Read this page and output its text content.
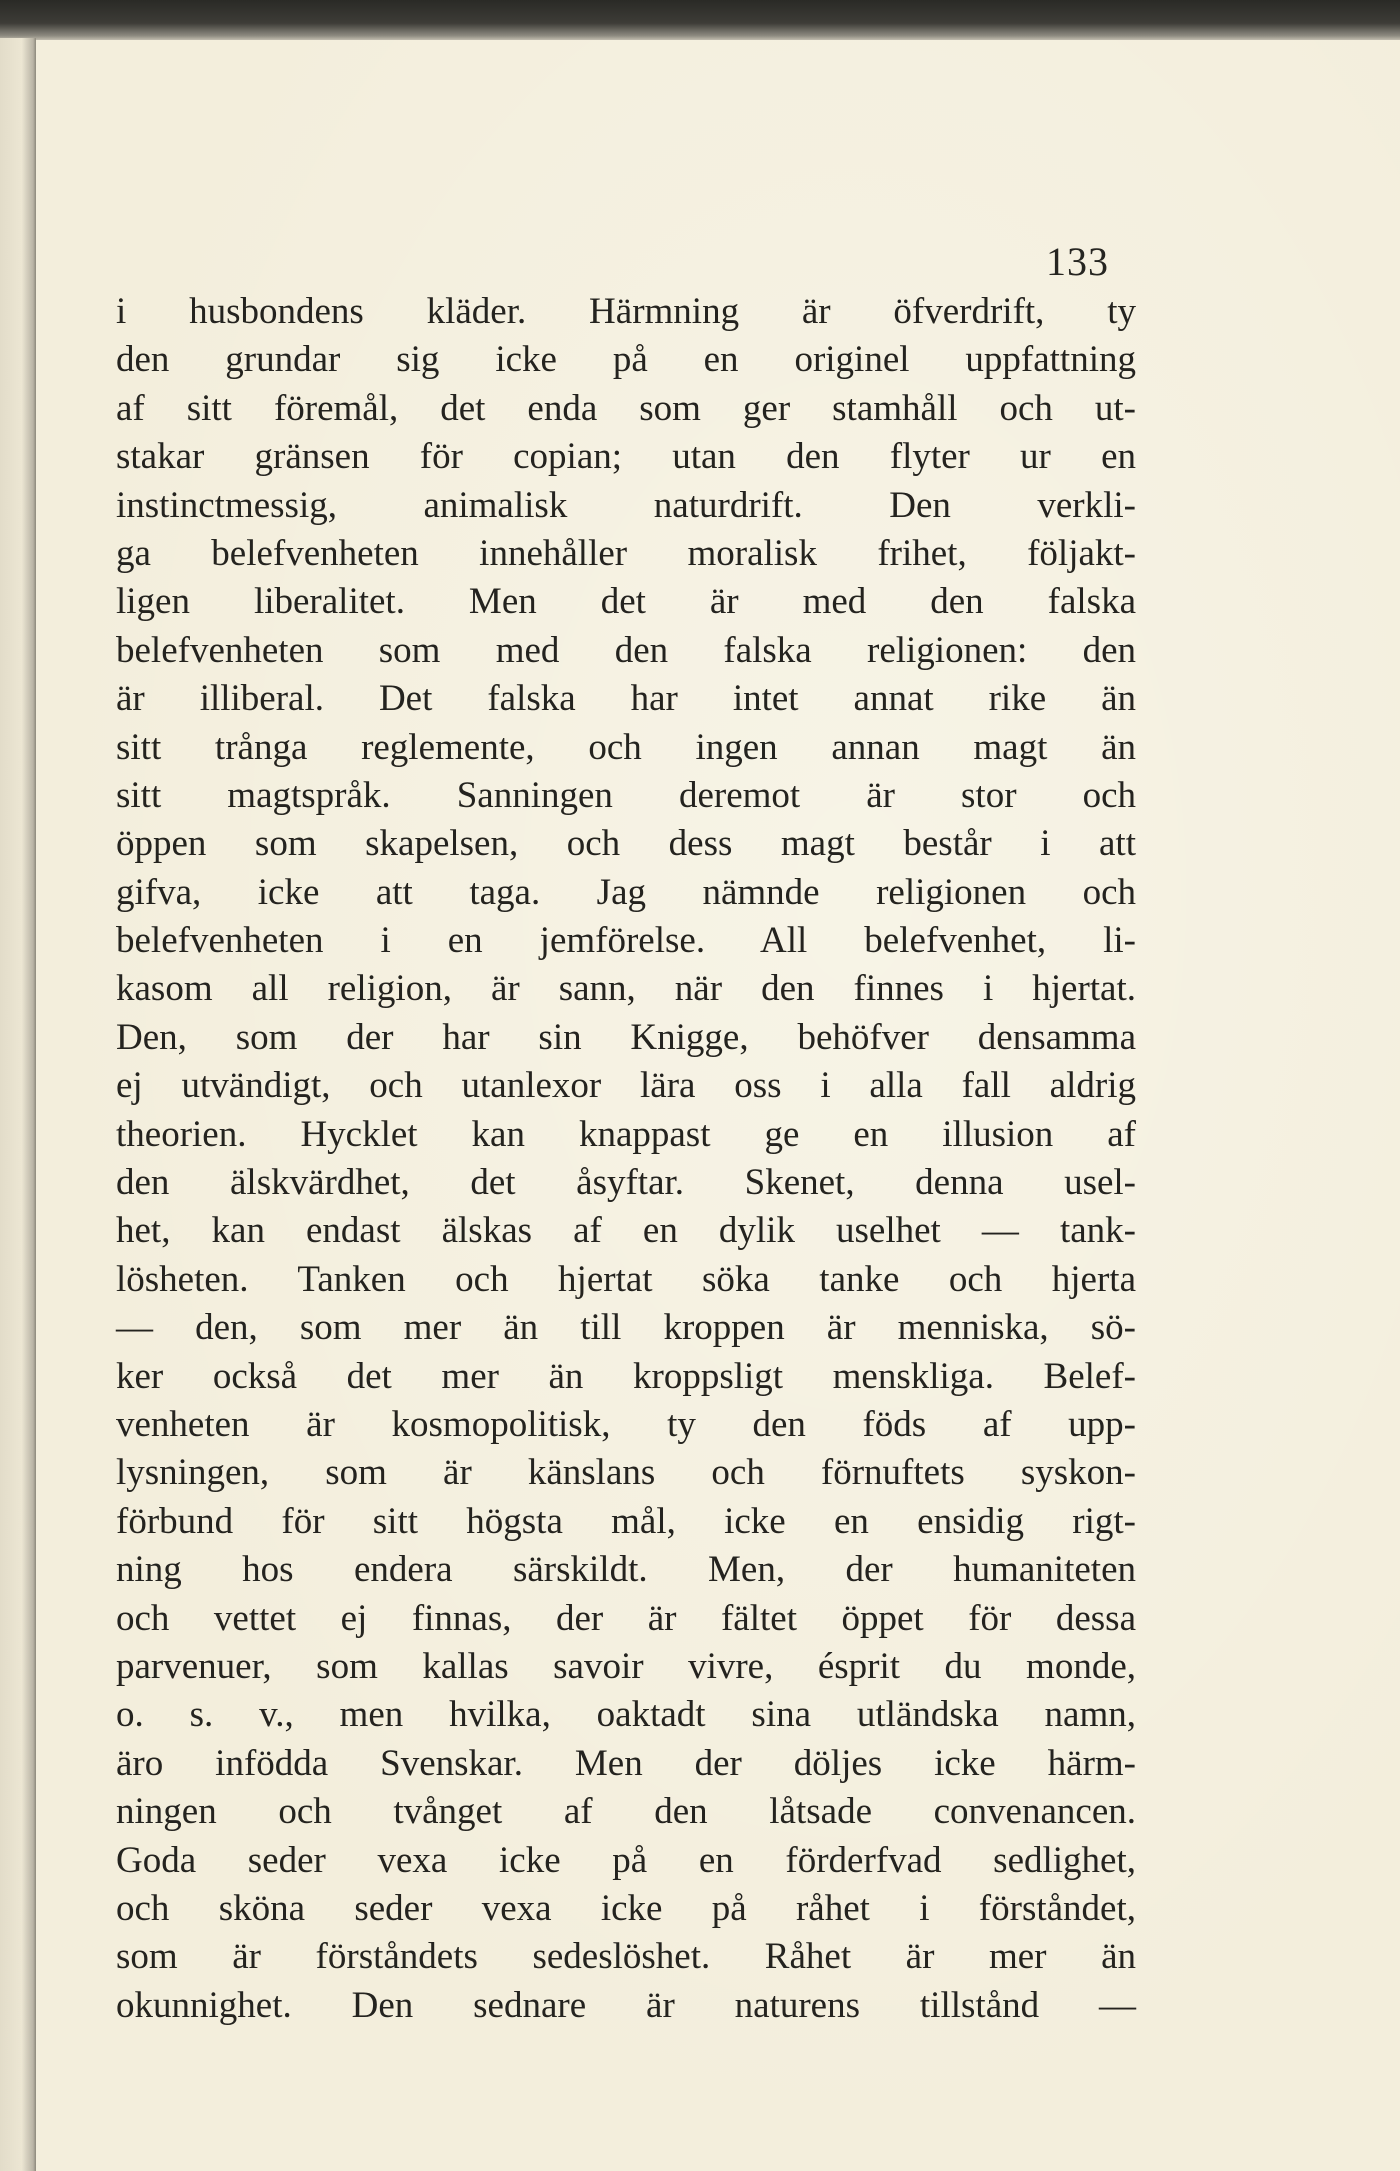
133
i husbondens kläder. Härmning är öfverdrift, ty
den grundar sig icke på en originel uppfattning
af sitt föremål, det enda som ger stamhåll och ut-
stakar gränsen för copian; utan den flyter ur en
instinctmessig, animalisk naturdrift. Den verkli-
ga belefvenheten innehåller moralisk frihet, följakt-
ligen liberalitet. Men det är med den falska
belefvenheten som med den falska religionen: den
är illiberal. Det falska har intet annat rike än
sitt trånga reglemente, och ingen annan magt än
sitt magtspråk. Sanningen deremot är stor och
öppen som skapelsen, och dess magt består i att
gifva, icke att taga. Jag nämnde religionen och
belefvenheten i en jemförelse. All belefvenhet, li-
kasom all religion, är sann, när den finnes i hjertat.
Den, som der har sin Knigge, behöfver densamma
ej utvändigt, och utanlexor lära oss i alla fall aldrig
theorien. Hycklet kan knappast ge en illusion af
den älskvärdhet, det åsyftar. Skenet, denna usel-
het, kan endast älskas af en dylik uselhet — tank-
lösheten. Tanken och hjertat söka tanke och hjerta
— den, som mer än till kroppen är menniska, sö-
ker också det mer än kroppsligt menskliga. Belef-
venheten är kosmopolitisk, ty den föds af upp-
lysningen, som är känslans och förnuftets syskon-
förbund för sitt högsta mål, icke en ensidig rigt-
ning hos endera särskildt. Men, der humaniteten
och vettet ej finnas, der är fältet öppet för dessa
parvenuer, som kallas savoir vivre, ésprit du monde,
o. s. v., men hvilka, oaktadt sina utländska namn,
äro infödda Svenskar. Men der döljes icke härm-
ningen och tvånget af den låtsade convenancen.
Goda seder vexa icke på en förderfvad sedlighet,
och sköna seder vexa icke på råhet i förståndet,
som är förståndets sedeslöshet. Råhet är mer än
okunnighet. Den sednare är naturens tillstånd —
